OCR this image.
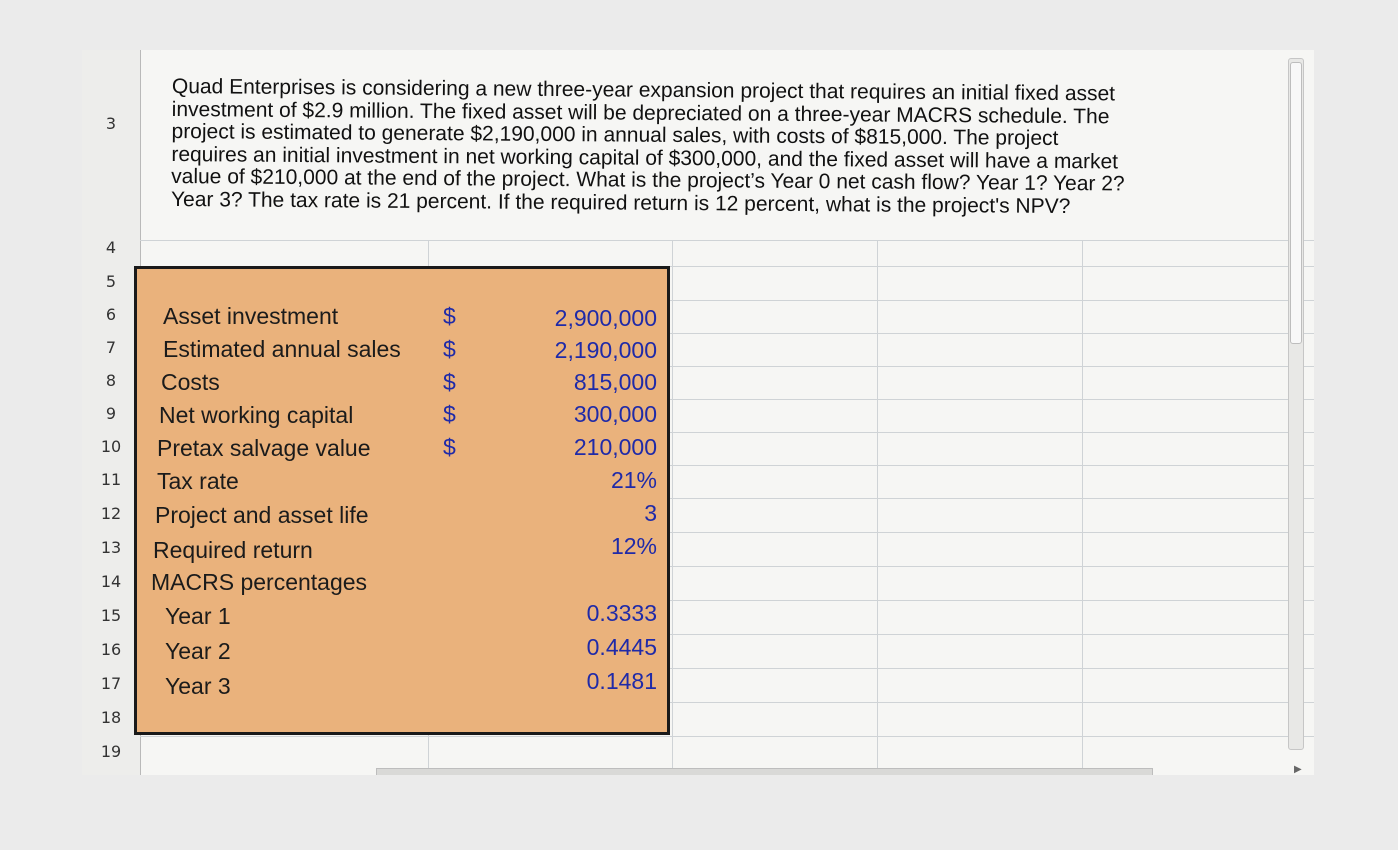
3
4
5
6
7
8
9
10
11
12
13
14
15
16
17
18
19
Quad Enterprises is considering a new three-year expansion project that requires an initial fixed asset
investment of $2.9 million. The fixed asset will be depreciated on a three-year MACRS schedule. The
project is estimated to generate $2,190,000 in annual sales, with costs of $815,000. The project
requires an initial investment in net working capital of $300,000, and the fixed asset will have a market
value of $210,000 at the end of the project. What is the project’s Year 0 net cash flow? Year 1? Year 2?
Year 3? The tax rate is 21 percent. If the required return is 12 percent, what is the project's NPV?
Asset investment	$	2,900,000
Estimated annual sales $	2,190,000
Costs	$	815,000
Net working capital	$	300,000
Pretax salvage value	$	210,000
Tax rate	21%
Project and asset life	3
Required return	12%
MACRS percentages
Year 1	0.3333
Year 2	0.4445
Year 3	0.1481
▶
